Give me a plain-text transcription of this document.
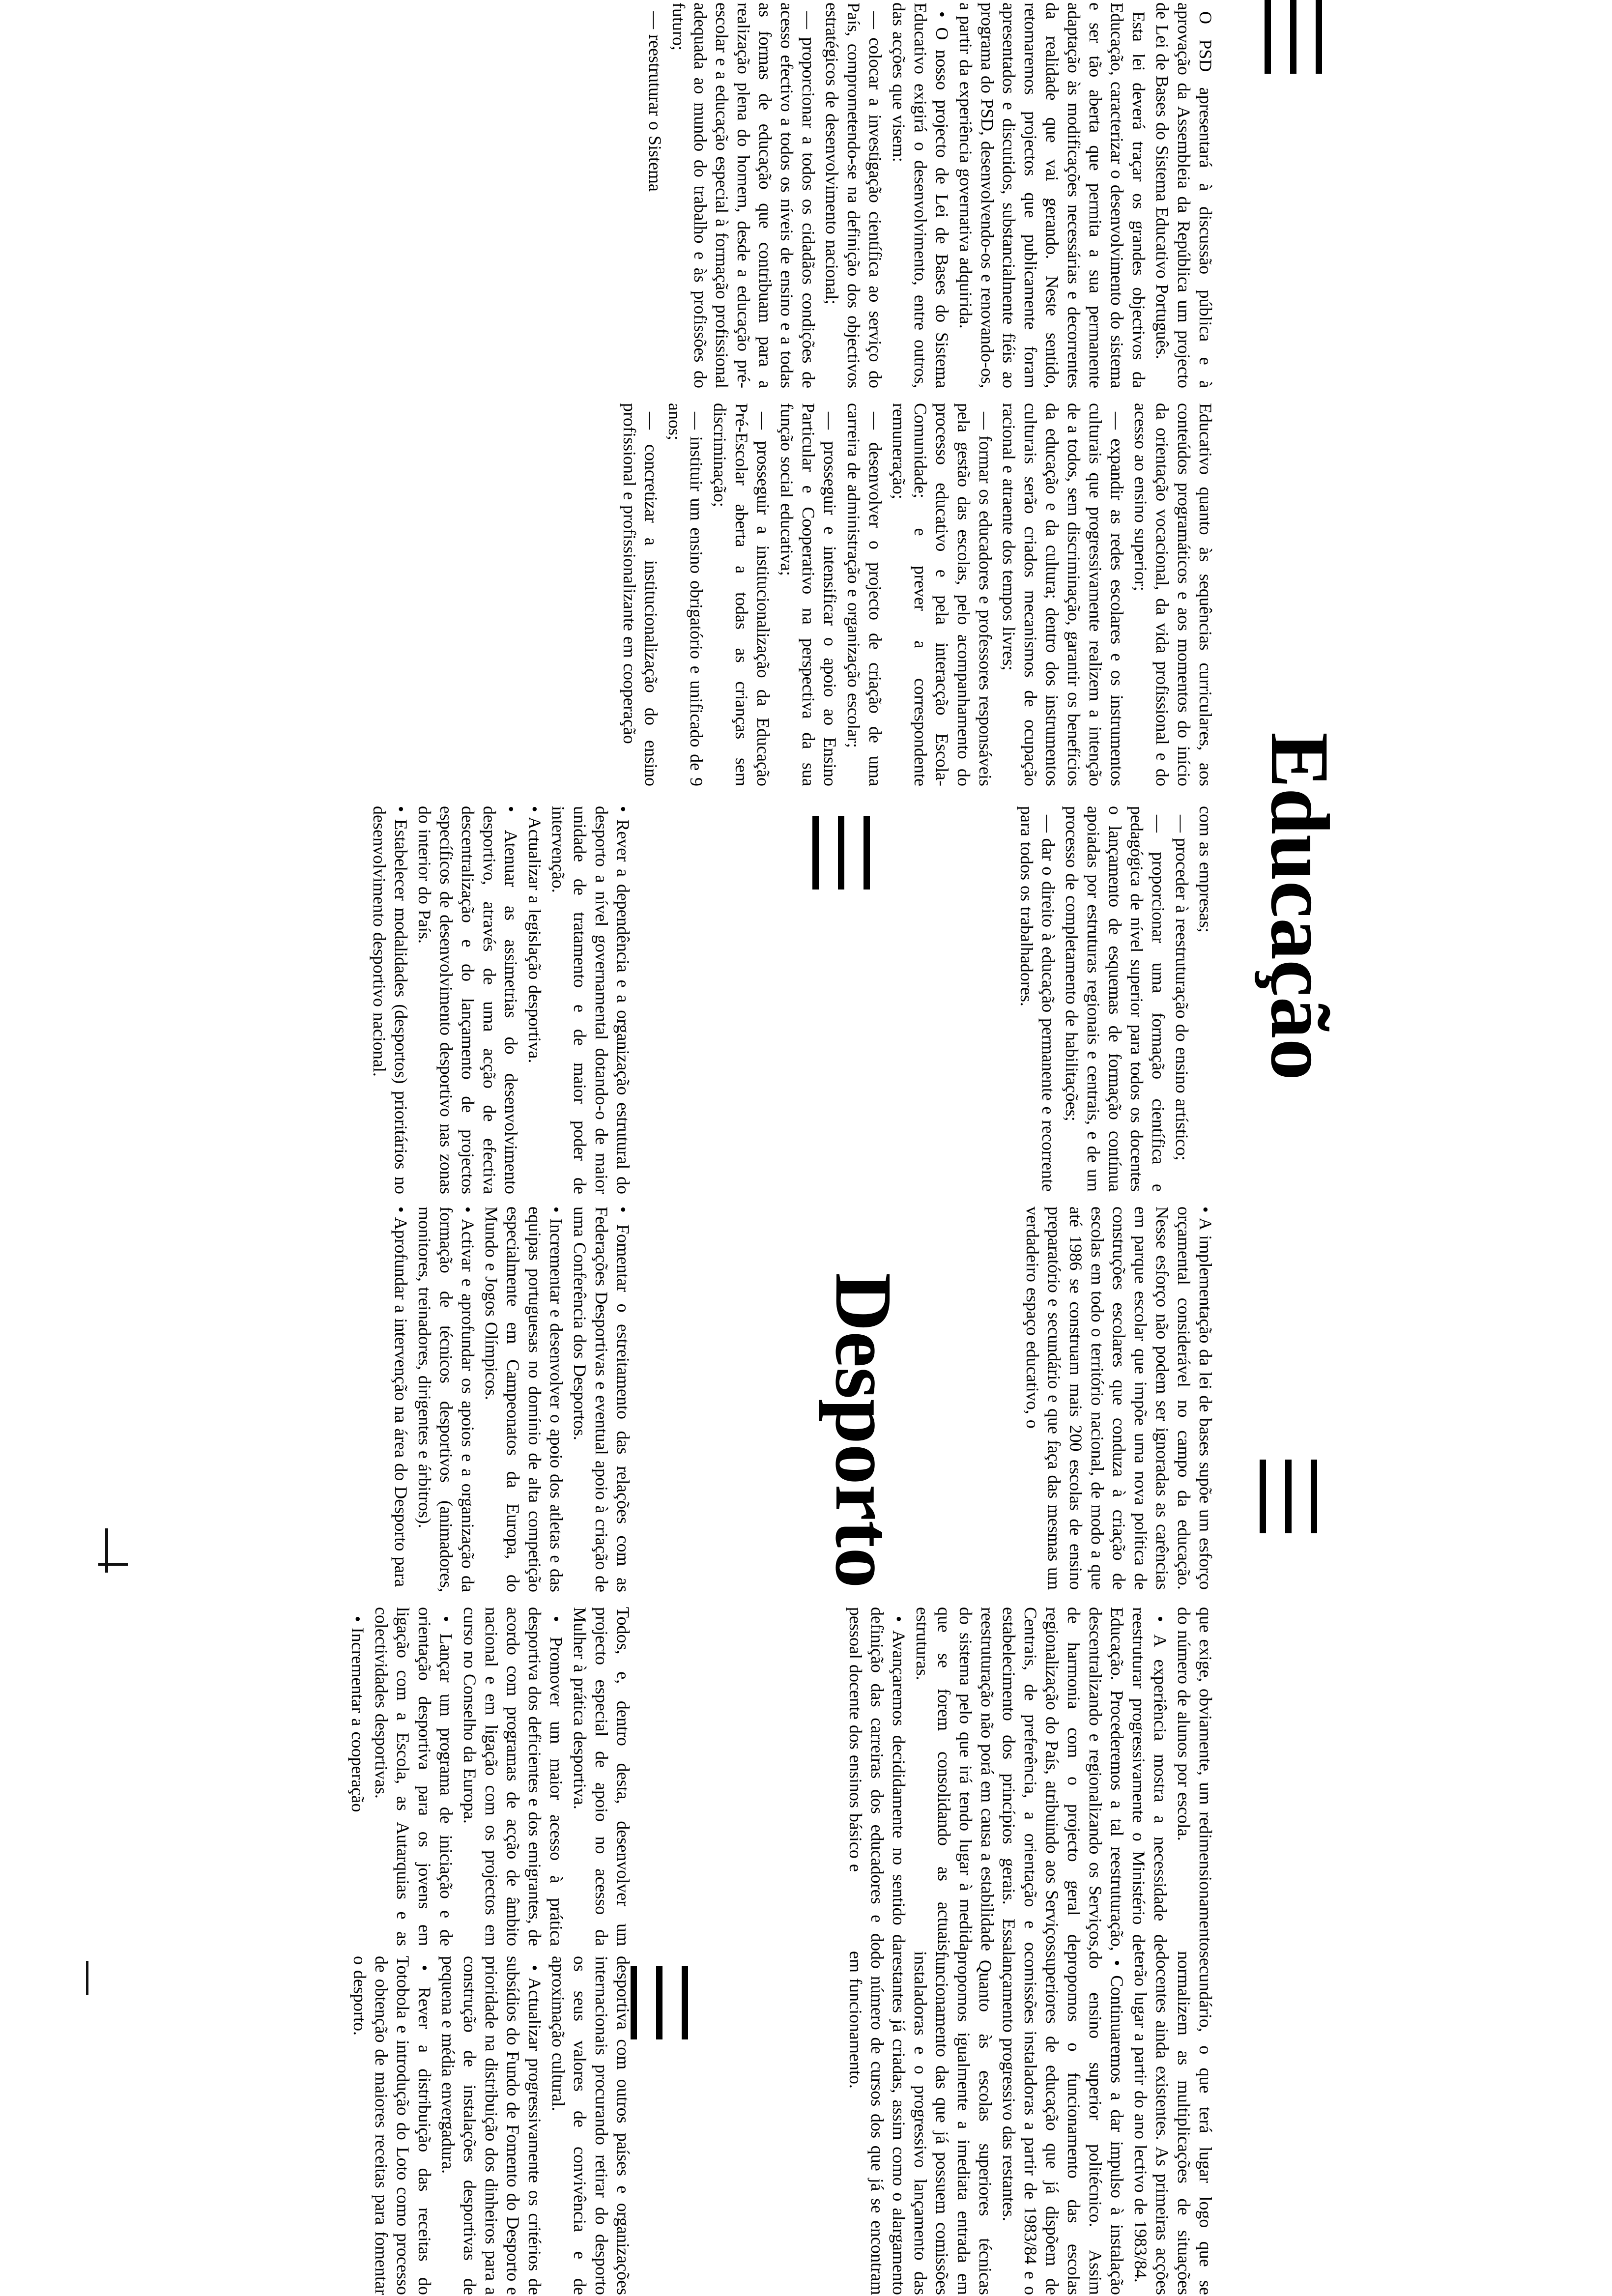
Educação

O PSD apresentará à discussão pública e à aprovação da Assembleia da República um projecto de Lei de Bases do Sistema Educativo Português.

Esta lei deverá traçar os grandes objectivos da Educação, caracterizar o desenvolvimento do sistema e ser tão aberta que permita a sua permanente adaptação às modificações necessárias e decorrentes da realidade que vai gerando. Neste sentido, retomaremos projectos que publicamente foram apresentados e discutidos, substancialmente fiéis ao programa do PSD, desenvolvendo-os e renovando-os, a partir da experiência governativa adquirida.

• O nosso projecto de Lei de Bases do Sistema Educativo exigirá o desenvolvimento, entre outros, das acções que visem:

— colocar a investigação científica ao serviço do País, comprometendo-se na definição dos objectivos estratégicos de desenvolvimento nacional;

— proporcionar a todos os cidadãos condições de acesso efectivo a todos os níveis de ensino e a todas as formas de educação que contribuam para a realização plena do homem, desde a educação pré-escolar e a educação especial à formação profissional adequada ao mundo do trabalho e às profissões do futuro;

— reestruturar o Sistema

Educativo quanto às sequências curriculares, aos conteúdos programáticos e aos momentos do início da orientação vocacional, da vida profissional e do acesso ao ensino superior;

— expandir as redes escolares e os instrumentos culturais que progressivamente realizem a intenção de a todos, sem discriminação, garantir os benefícios da educação e da cultura; dentro dos instrumentos culturais serão criados mecanismos de ocupação racional e atraente dos tempos livres;

— formar os educadores e professores responsáveis pela gestão das escolas, pelo acompanhamento do processo educativo e pela interacção Escola-Comunidade; e prever a correspondente remuneração;

— desenvolver o projecto de criação de uma carreira de administração e organização escolar;

— prosseguir e intensificar o apoio ao Ensino Particular e Cooperativo na perspectiva da sua função social educativa;

— prosseguir a institucionalização da Educação Pré-Escolar aberta a todas as crianças sem discriminação;

— instituir um ensino obrigatório e unificado de 9 anos;

— concretizar a institucionalização do ensino profissional e profissionalizante em cooperação

com as empresas;

— proceder à reestruturação do ensino artístico;

— proporcionar uma formação científica e pedagógica de nível superior para todos os docentes o lançamento de esquemas de formação contínua apoiadas por estruturas regionais e centrais, e de um processo de completamento de habilitações;

— dar o direito à educação permanente e recorrente para todos os trabalhadores.

• A implementação da lei de bases supõe um esforço orçamental considerável no campo da educação. Nesse esforço não podem ser ignoradas as carências em parque escolar que impõe uma nova política de construções escolares que conduza à criação de escolas em todo o território nacional, de modo a que até 1986 se construam mais 200 escolas de ensino preparatório e secundário e que faça das mesmas um verdadeiro espaço educativo, o

que exige, obviamente, um redimensionamento do número de alunos por escola.

• A experiência mostra a necessidade de reestruturar progressivamente o Ministério de Educação. Procederemos a tal reestruturação, descentralizando e regionalizando os Serviços, de harmonia com o projecto geral de regionalização do País, atribuindo aos Serviços Centrais, de preferência, a orientação e o estabelecimento dos princípios gerais. Essa reestruturação não porá em causa a estabilidade do sistema pelo que irá tendo lugar à medida que se forem consolidando as actuais estruturas.

• Avançaremos decididamente no sentido da definição das carreiras dos educadores e do pessoal docente dos ensinos básico e

secundário, o que terá lugar logo que se normalizem as multiplicações de situações docentes ainda existentes. As primeiras acções terão lugar a partir do ano lectivo de 1983/84.

• Continuaremos a dar impulso à instalação do ensino superior politécnico. Assim propomos o funcionamento das escolas superiores de educação que já dispõem de comissões instaladoras a partir de 1983/84 e o lançamento progressivo das restantes.

Quanto às escolas superiores técnicas propomos igualmente a imediata entrada em funcionamento das que já possuem comissões instaladoras e o progressivo lançamento das restantes já criadas, assim como o alargamento do número de cursos dos que já se encontram em funcionamento.

Desporto

• Rever a dependência e a organização estrutural do desporto a nível governamental dotando-o de maior unidade de tratamento e de maior poder de intervenção.

• Actualizar a legislação desportiva.

• Atenuar as assimetrias do desenvolvimento desportivo, através de uma acção de efectiva descentralização e do lançamento de projectos específicos de desenvolvimento desportivo nas zonas do interior do País.

• Estabelecer modalidades (desportos) prioritários no desenvolvimento desportivo nacional.

• Fomentar o estreitamento das relações com as Federações Desportivas e eventual apoio à criação de uma Conferência dos Desportos.

• Incrementar e desenvolver o apoio dos atletas e das equipas portuguesas no domínio de alta competição especialmente em Campeonatos da Europa, do Mundo e Jogos Olímpicos.

• Activar e aprofundar os apoios e a organização da formação de técnicos desportivos (animadores, monitores, treinadores, dirigentes e árbitros).

• Aprofundar a intervenção na área do Desporto para

Todos, e, dentro desta, desenvolver um projecto especial de apoio no acesso da Mulher à prática desportiva.

• Promover um maior acesso à prática desportiva dos deficientes e dos emigrantes, de acordo com programas de acção de âmbito nacional e em ligação com os projectos em curso no Conselho da Europa.

• Lançar um programa de iniciação e de orientação desportiva para os jovens em ligação com a Escola, as Autarquias e as colectividades desportivas.

• Incrementar a cooperação

desportiva com outros países e organizações internacionais procurando retirar do desporto os seus valores de convivência e de aproximação cultural.

• Actualizar progressivamente os critérios de subsídios do Fundo de Fomento do Desporto e prioridade na distribuição dos dinheiros para a construção de instalações desportivas de pequena e média envergadura.

• Rever a distribuição das receitas do Totobola e introdução do Loto como processo de obtenção de maiores receitas para fomentar o desporto.
